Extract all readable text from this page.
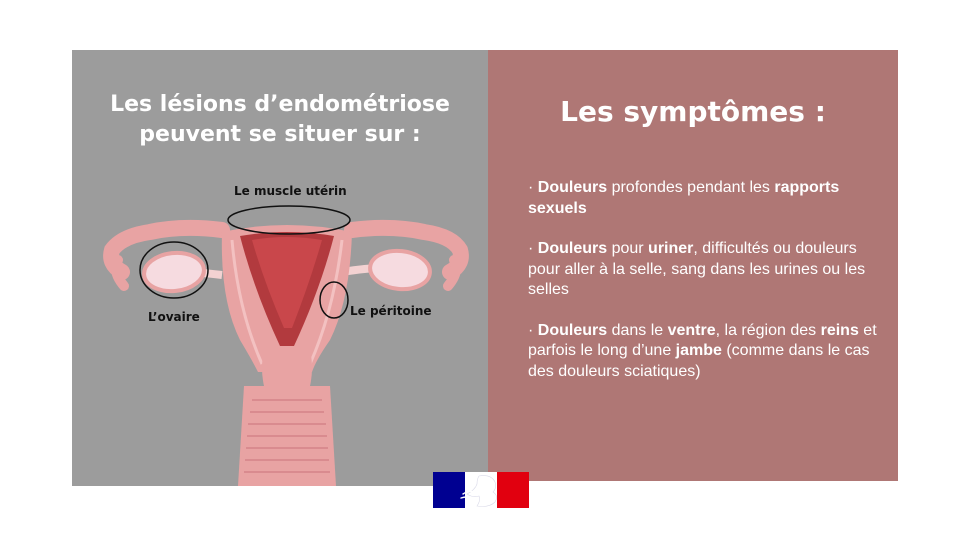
Les lésions d’endométriose
peuvent se situer sur :
Le muscle utérin
L’ovaire	Le péritoine
Les symptômes :
· Douleurs profondes pendant les rapports sexuels
· Douleurs pour uriner, difficultés ou douleurs pour aller à la selle, sang dans les urines ou les selles
· Douleurs dans le ventre, la région des reins et parfois le long d’une jambe (comme dans le cas des douleurs sciatiques)
